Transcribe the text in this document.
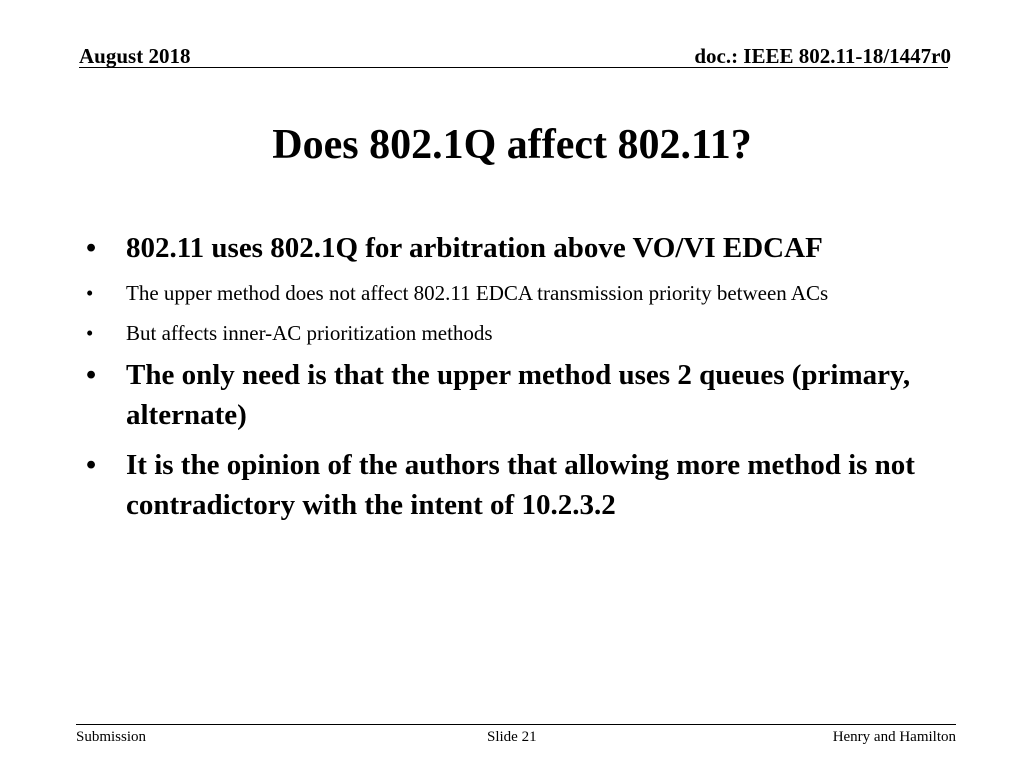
August 2018	doc.: IEEE 802.11-18/1447r0
Does 802.1Q affect 802.11?
• 802.11 uses 802.1Q for arbitration above VO/VI EDCAF
• The upper method does not affect 802.11 EDCA transmission priority between ACs
• But affects inner-AC prioritization methods
• The only need is that the upper method uses 2 queues (primary, alternate)
• It is the opinion of the authors that allowing more method is not contradictory with the intent of 10.2.3.2
Submission	Slide 21	Henry and Hamilton
